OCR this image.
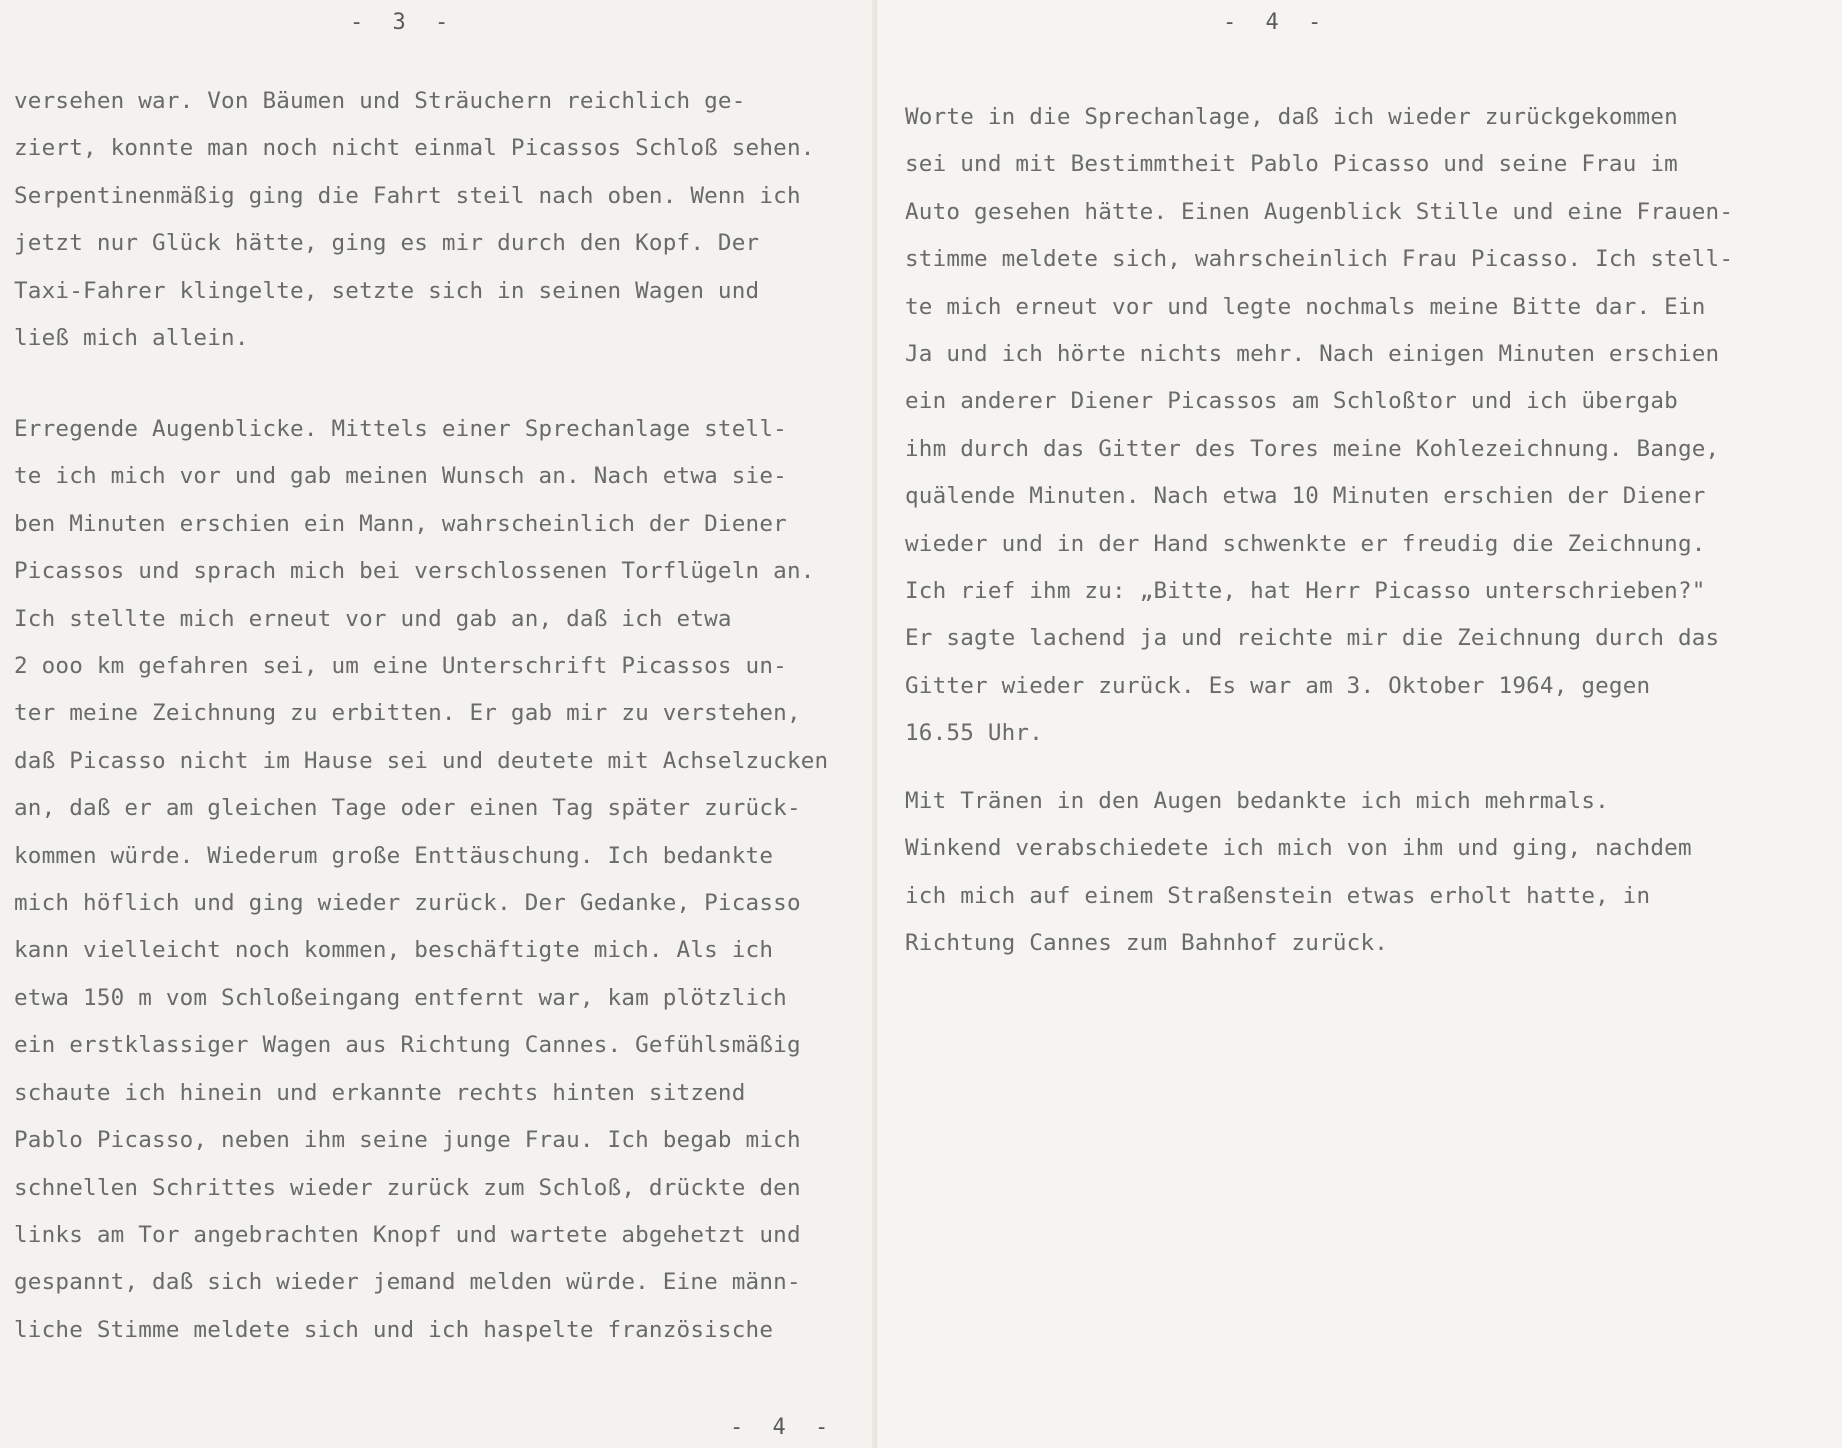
- 3 -
versehen war. Von Bäumen und Sträuchern reichlich ge-
ziert, konnte man noch nicht einmal Picassos Schloß sehen.
Serpentinenmäßig ging die Fahrt steil nach oben. Wenn ich
jetzt nur Glück hätte, ging es mir durch den Kopf. Der
Taxi-Fahrer klingelte, setzte sich in seinen Wagen und
ließ mich allein.
Erregende Augenblicke. Mittels einer Sprechanlage stell-
te ich mich vor und gab meinen Wunsch an. Nach etwa sie-
ben Minuten erschien ein Mann, wahrscheinlich der Diener
Picassos und sprach mich bei verschlossenen Torflügeln an.
Ich stellte mich erneut vor und gab an, daß ich etwa
2 ooo km gefahren sei, um eine Unterschrift Picassos un-
ter meine Zeichnung zu erbitten. Er gab mir zu verstehen,
daß Picasso nicht im Hause sei und deutete mit Achselzucken
an, daß er am gleichen Tage oder einen Tag später zurück-
kommen würde. Wiederum große Enttäuschung. Ich bedankte
mich höflich und ging wieder zurück. Der Gedanke, Picasso
kann vielleicht noch kommen, beschäftigte mich. Als ich
etwa 150 m vom Schloßeingang entfernt war, kam plötzlich
ein erstklassiger Wagen aus Richtung Cannes. Gefühlsmäßig
schaute ich hinein und erkannte rechts hinten sitzend
Pablo Picasso, neben ihm seine junge Frau. Ich begab mich
schnellen Schrittes wieder zurück zum Schloß, drückte den
links am Tor angebrachten Knopf und wartete abgehetzt und
gespannt, daß sich wieder jemand melden würde. Eine männ-
liche Stimme meldete sich und ich haspelte französische
- 4 -
Worte in die Sprechanlage, daß ich wieder zurückgekommen
sei und mit Bestimmtheit Pablo Picasso und seine Frau im
Auto gesehen hätte. Einen Augenblick Stille und eine Frauen-
stimme meldete sich, wahrscheinlich Frau Picasso. Ich stell-
te mich erneut vor und legte nochmals meine Bitte dar. Ein
Ja und ich hörte nichts mehr. Nach einigen Minuten erschien
ein anderer Diener Picassos am Schloßtor und ich übergab
ihm durch das Gitter des Tores meine Kohlezeichnung. Bange,
quälende Minuten. Nach etwa 10 Minuten erschien der Diener
wieder und in der Hand schwenkte er freudig die Zeichnung.
Ich rief ihm zu: „Bitte, hat Herr Picasso unterschrieben?"
Er sagte lachend ja und reichte mir die Zeichnung durch das
Gitter wieder zurück. Es war am 3. Oktober 1964, gegen
16.55 Uhr.
Mit Tränen in den Augen bedankte ich mich mehrmals.
Winkend verabschiedete ich mich von ihm und ging, nachdem
ich mich auf einem Straßenstein etwas erholt hatte, in
Richtung Cannes zum Bahnhof zurück.
- 4 -
